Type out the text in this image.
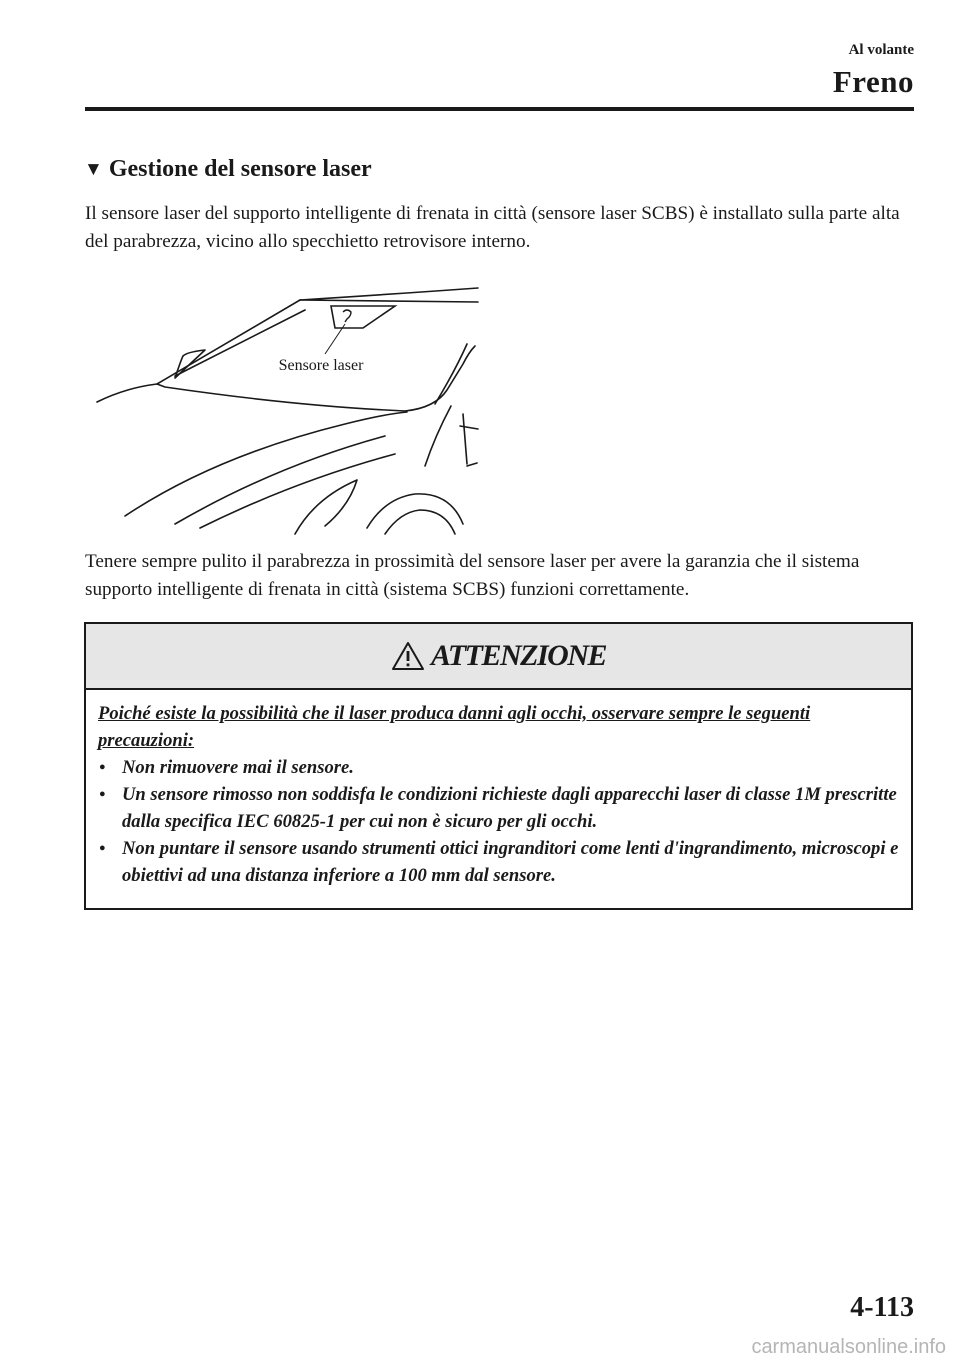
Al volante
Freno
▼ Gestione del sensore laser
Il sensore laser del supporto intelligente di frenata in città (sensore laser SCBS) è installato sulla parte alta del parabrezza, vicino allo specchietto retrovisore interno.
Sensore laser
Tenere sempre pulito il parabrezza in prossimità del sensore laser per avere la garanzia che il sistema supporto intelligente di frenata in città (sistema SCBS) funzioni correttamente.
ATTENZIONE
Poiché esiste la possibilità che il laser produca danni agli occhi, osservare sempre le seguenti precauzioni:
● Non rimuovere mai il sensore.
● Un sensore rimosso non soddisfa le condizioni richieste dagli apparecchi laser di classe 1M prescritte dalla specifica IEC 60825-1 per cui non è sicuro per gli occhi.
● Non puntare il sensore usando strumenti ottici ingranditori come lenti d'ingrandimento, microscopi e obiettivi ad una distanza inferiore a 100 mm dal sensore.
4-113
carmanualsonline.info
